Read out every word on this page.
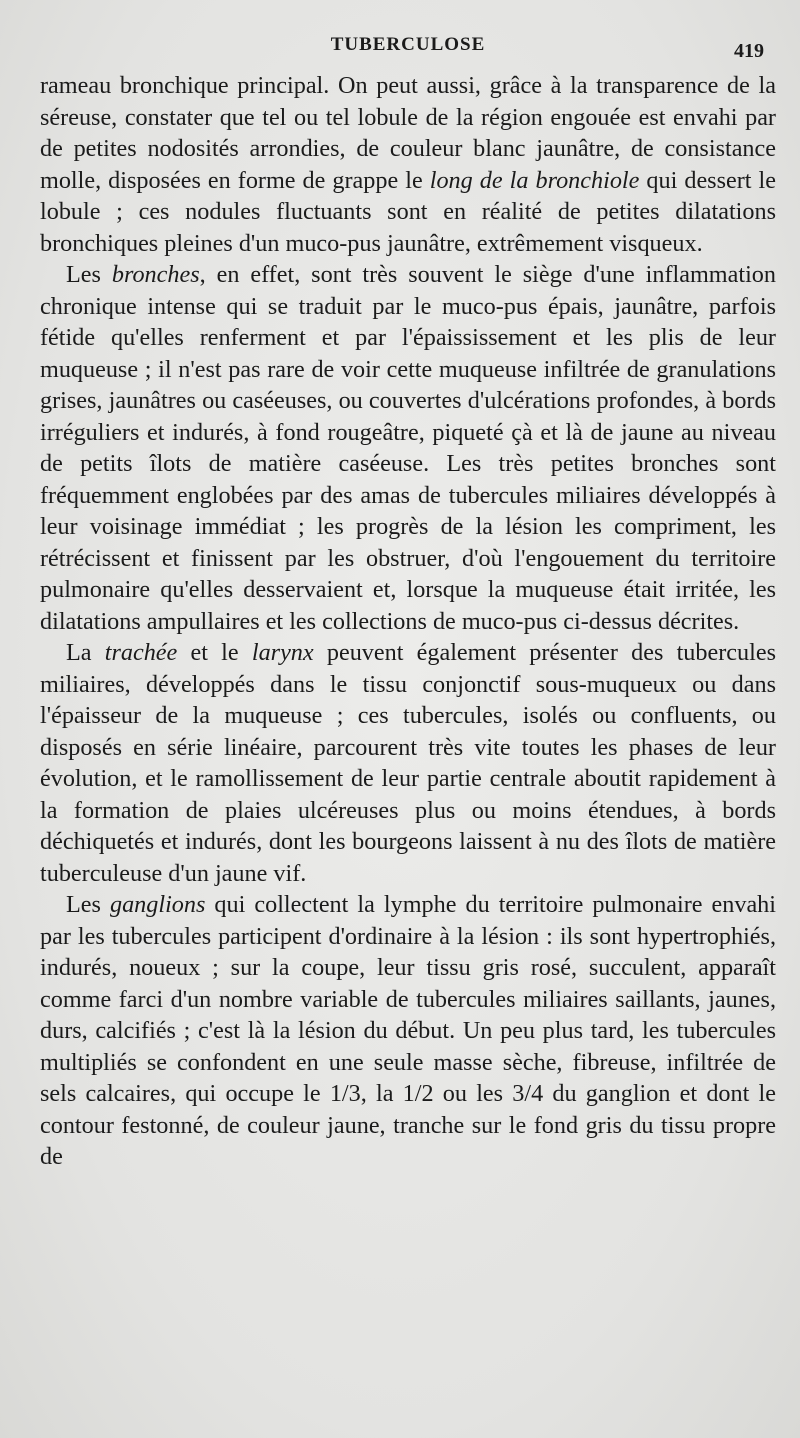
TUBERCULOSE	419

rameau bronchique principal. On peut aussi, grâce à la transparence de la séreuse, constater que tel ou tel lobule de la région engouée est envahi par de petites nodosités arrondies, de couleur blanc jaunâtre, de consistance molle, disposées en forme de grappe le long de la bronchiole qui dessert le lobule ; ces nodules fluctuants sont en réalité de petites dilatations bronchiques pleines d'un muco-pus jaunâtre, extrêmement visqueux.

Les bronches, en effet, sont très souvent le siège d'une inflammation chronique intense qui se traduit par le muco-pus épais, jaunâtre, parfois fétide qu'elles renferment et par l'épaississement et les plis de leur muqueuse ; il n'est pas rare de voir cette muqueuse infiltrée de granulations grises, jaunâtres ou caséeuses, ou couvertes d'ulcérations profondes, à bords irréguliers et indurés, à fond rougeâtre, piqueté çà et là de jaune au niveau de petits îlots de matière caséeuse. Les très petites bronches sont fréquemment englobées par des amas de tubercules miliaires développés à leur voisinage immédiat ; les progrès de la lésion les compriment, les rétrécissent et finissent par les obstruer, d'où l'engouement du territoire pulmonaire qu'elles desservaient et, lorsque la muqueuse était irritée, les dilatations ampullaires et les collections de muco-pus ci-dessus décrites.

La trachée et le larynx peuvent également présenter des tubercules miliaires, développés dans le tissu conjonctif sous-muqueux ou dans l'épaisseur de la muqueuse ; ces tubercules, isolés ou confluents, ou disposés en série linéaire, parcourent très vite toutes les phases de leur évolution, et le ramollissement de leur partie centrale aboutit rapidement à la formation de plaies ulcéreuses plus ou moins étendues, à bords déchiquetés et indurés, dont les bourgeons laissent à nu des îlots de matière tuberculeuse d'un jaune vif.

Les ganglions qui collectent la lymphe du territoire pulmonaire envahi par les tubercules participent d'ordinaire à la lésion : ils sont hypertrophiés, indurés, noueux ; sur la coupe, leur tissu gris rosé, succulent, apparaît comme farci d'un nombre variable de tubercules miliaires saillants, jaunes, durs, calcifiés ; c'est là la lésion du début. Un peu plus tard, les tubercules multipliés se confondent en une seule masse sèche, fibreuse, infiltrée de sels calcaires, qui occupe le 1/3, la 1/2 ou les 3/4 du ganglion et dont le contour festonné, de couleur jaune, tranche sur le fond gris du tissu propre de
